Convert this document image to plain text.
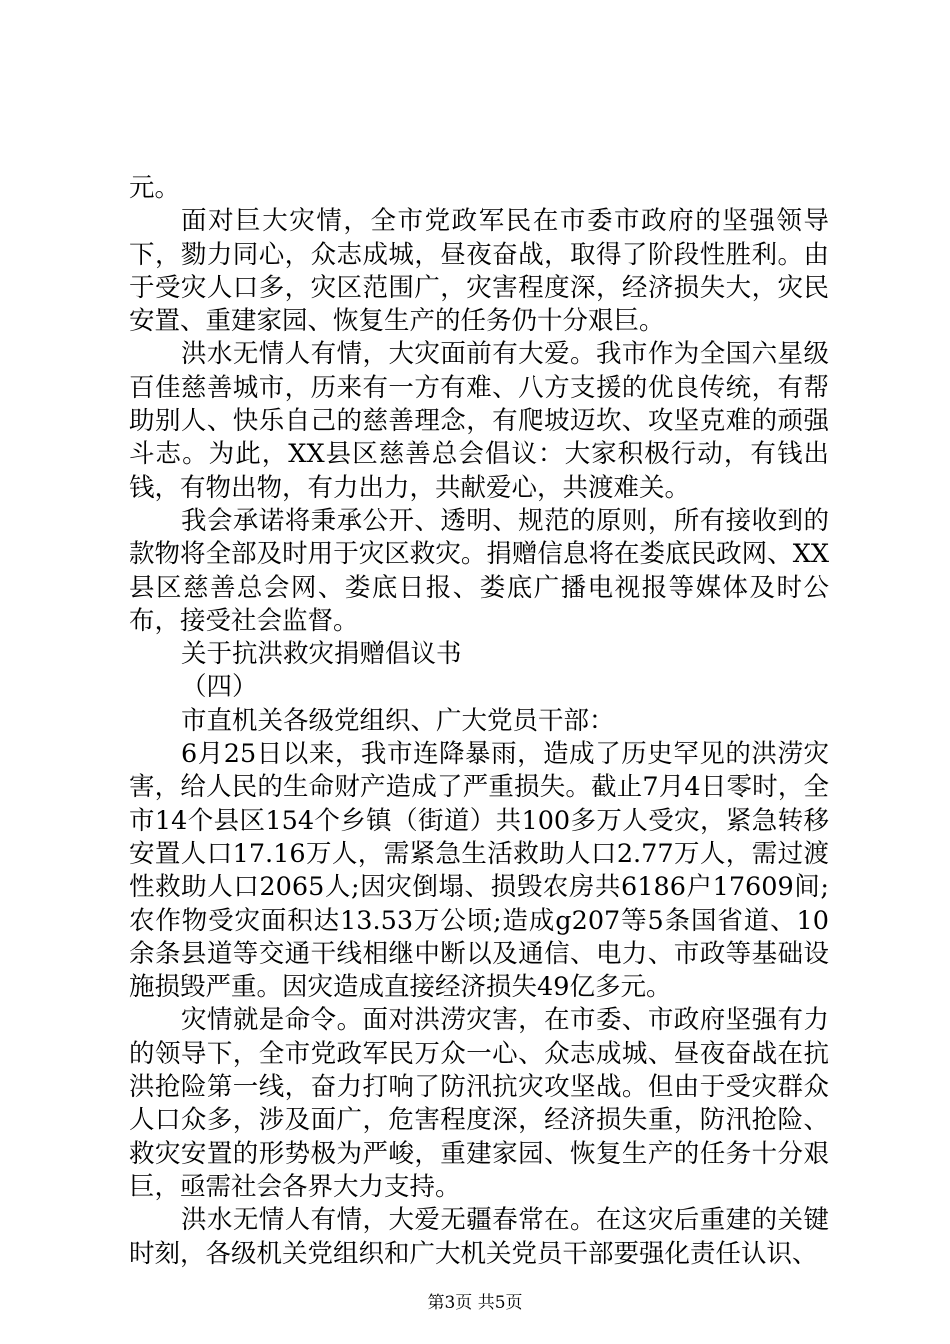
元。

面对巨大灾情，全市党政军民在市委市政府的坚强领导下，勠力同心，众志成城，昼夜奋战，取得了阶段性胜利。由于受灾人口多，灾区范围广，灾害程度深，经济损失大，灾民安置、重建家园、恢复生产的任务仍十分艰巨。

洪水无情人有情，大灾面前有大爱。我市作为全国六星级百佳慈善城市，历来有一方有难、八方支援的优良传统，有帮助别人、快乐自己的慈善理念，有爬坡迈坎、攻坚克难的顽强斗志。为此，XX县区慈善总会倡议：大家积极行动，有钱出钱，有物出物，有力出力，共献爱心，共渡难关。

我会承诺将秉承公开、透明、规范的原则，所有接收到的款物将全部及时用于灾区救灾。捐赠信息将在娄底民政网、XX县区慈善总会网、娄底日报、娄底广播电视报等媒体及时公布，接受社会监督。

关于抗洪救灾捐赠倡议书

（四）

市直机关各级党组织、广大党员干部：

6月25日以来，我市连降暴雨，造成了历史罕见的洪涝灾害，给人民的生命财产造成了严重损失。截止7月4日零时，全市14个县区154个乡镇（街道）共100多万人受灾，紧急转移安置人口17.16万人，需紧急生活救助人口2.77万人，需过渡性救助人口2065人;因灾倒塌、损毁农房共6186户17609间;农作物受灾面积达13.53万公顷;造成g207等5条国省道、10余条县道等交通干线相继中断以及通信、电力、市政等基础设施损毁严重。因灾造成直接经济损失49亿多元。

灾情就是命令。面对洪涝灾害，在市委、市政府坚强有力的领导下，全市党政军民万众一心、众志成城、昼夜奋战在抗洪抢险第一线，奋力打响了防汛抗灾攻坚战。但由于受灾群众人口众多，涉及面广，危害程度深，经济损失重，防汛抢险、救灾安置的形势极为严峻，重建家园、恢复生产的任务十分艰巨，亟需社会各界大力支持。

洪水无情人有情，大爱无疆春常在。在这灾后重建的关键时刻，各级机关党组织和广大机关党员干部要强化责任认识、

第3页 共5页
